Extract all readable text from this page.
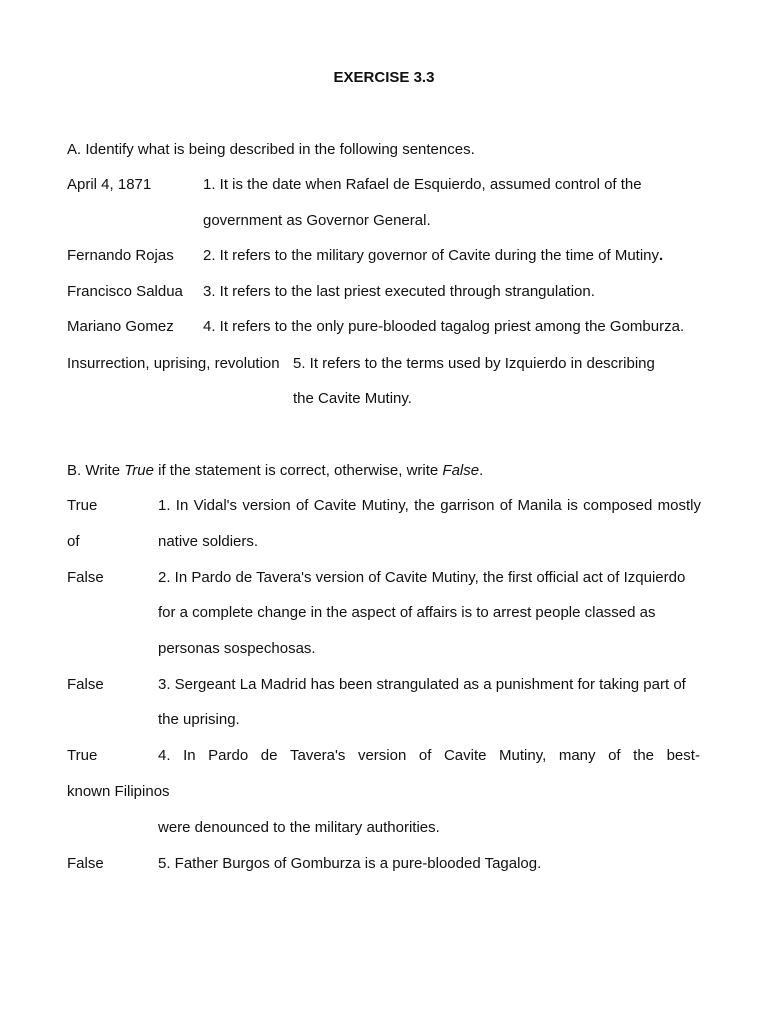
EXERCISE 3.3
A. Identify what is being described in the following sentences.
April 4, 1871	1. It is the date when Rafael de Esquierdo, assumed control of the
government as Governor General.
Fernando Rojas 2. It refers to the military governor of Cavite during the time of Mutiny.
Francisco Saldua 3. It refers to the last priest executed through strangulation.
Mariano Gomez 4. It refers to the only pure-blooded tagalog priest among the Gomburza.
Insurrection, uprising, revolution 5. It refers to the terms used by Izquierdo in describing
the Cavite Mutiny.
B. Write True if the statement is correct, otherwise, write False.
True	1. In Vidal's version of Cavite Mutiny, the garrison of Manila is composed mostly
of	native soldiers.
False	2. In Pardo de Tavera's version of Cavite Mutiny, the first official act of Izquierdo
for a complete change in the aspect of affairs is to arrest people classed as
personas sospechosas.
False	3. Sergeant La Madrid has been strangulated as a punishment for taking part of
the uprising.
True	4. In Pardo de Tavera's version of Cavite Mutiny, many of the best-
known Filipinos
were denounced to the military authorities.
False	5. Father Burgos of Gomburza is a pure-blooded Tagalog.
